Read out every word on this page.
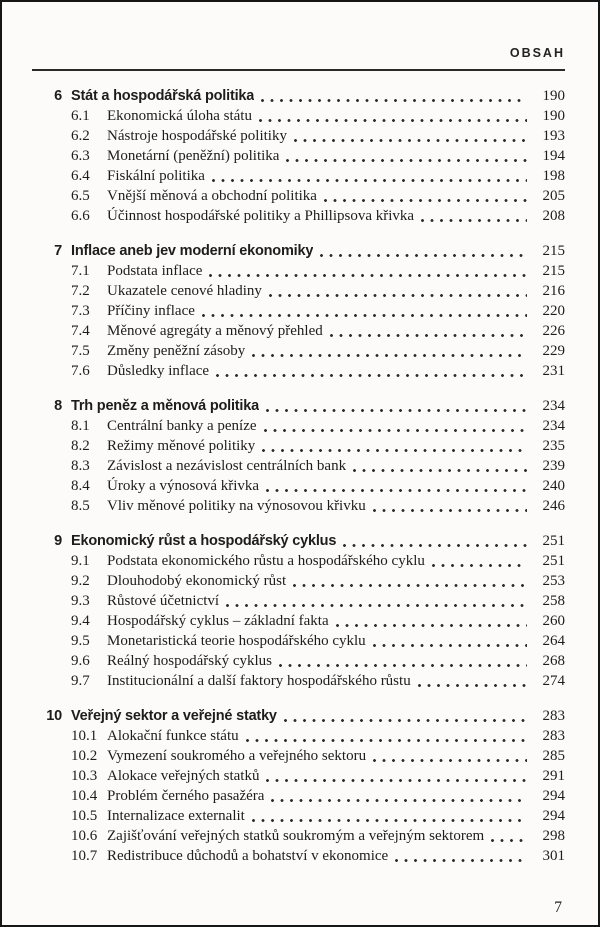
OBSAH
6 Stát a hospodářská politika	190
6.1	Ekonomická úloha státu	190
6.2	Nástroje hospodářské politiky	193
6.3	Monetární (peněžní) politika	194
6.4	Fiskální politika	198
6.5	Vnější měnová a obchodní politika	205
6.6	Účinnost hospodářské politiky a Phillipsova křivka	208
7 Inflace aneb jev moderní ekonomiky	215
7.1	Podstata inflace	215
7.2	Ukazatele cenové hladiny	216
7.3	Příčiny inflace	220
7.4	Měnové agregáty a měnový přehled	226
7.5	Změny peněžní zásoby	229
7.6	Důsledky inflace	231
8 Trh peněz a měnová politika	234
8.1	Centrální banky a peníze	234
8.2	Režimy měnové politiky	235
8.3	Závislost a nezávislost centrálních bank	239
8.4	Úroky a výnosová křivka	240
8.5	Vliv měnové politiky na výnosovou křivku	246
9 Ekonomický růst a hospodářský cyklus	251
9.1	Podstata ekonomického růstu a hospodářského cyklu	251
9.2	Dlouhodobý ekonomický růst	253
9.3	Růstové účetnictví	258
9.4	Hospodářský cyklus – základní fakta	260
9.5	Monetaristická teorie hospodářského cyklu	264
9.6	Reálný hospodářský cyklus	268
9.7	Institucionální a další faktory hospodářského růstu	274
10 Veřejný sektor a veřejné statky	283
10.1 Alokační funkce státu	283
10.2 Vymezení soukromého a veřejného sektoru	285
10.3 Alokace veřejných statků	291
10.4 Problém černého pasažéra	294
10.5 Internalizace externalit	294
10.6 Zajišťování veřejných statků soukromým a veřejným sektorem	298
10.7 Redistribuce důchodů a bohatství v ekonomice	301
7
